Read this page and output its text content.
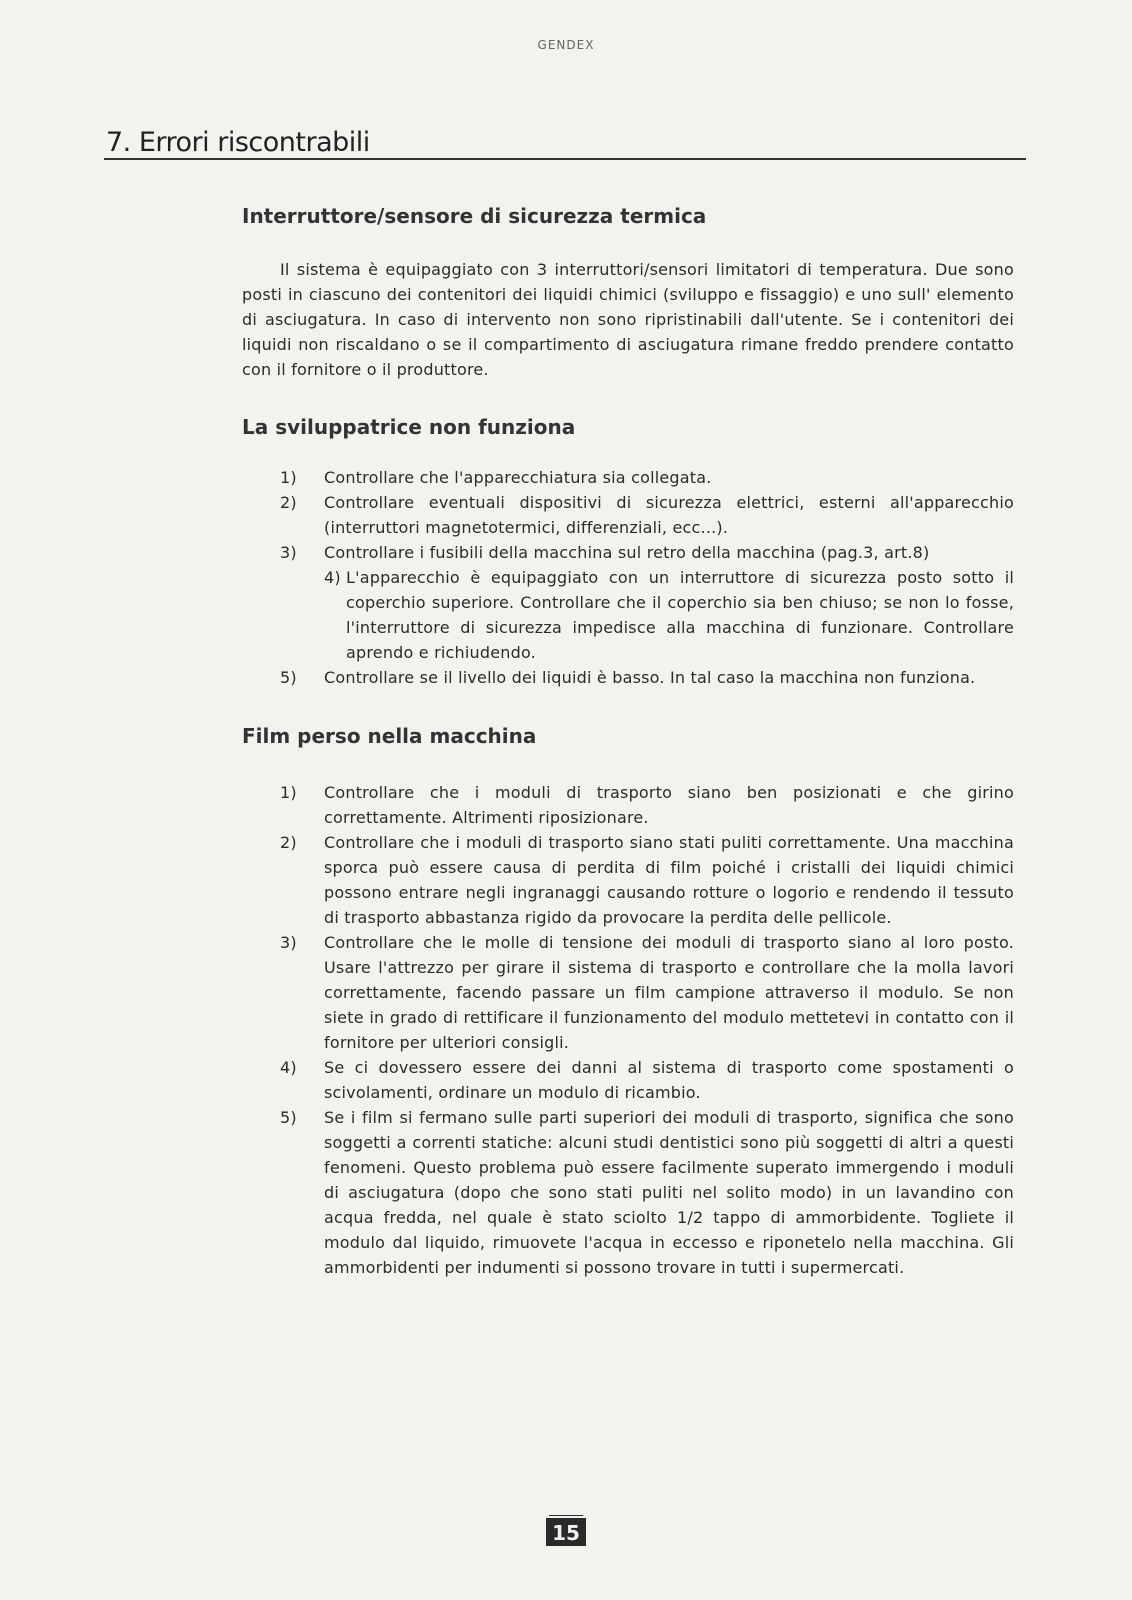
GENDEX
7. Errori riscontrabili
Interruttore/sensore di sicurezza termica

Il sistema è equipaggiato con 3 interruttori/sensori limitatori di temperatura. Due sono posti in ciascuno dei contenitori dei liquidi chimici (sviluppo e fissaggio) e uno sull' elemento di asciugatura. In caso di intervento non sono ripristinabili dall'utente. Se i contenitori dei liquidi non riscaldano o se il compartimento di asciugatura rimane freddo prendere contatto con il fornitore o il produttore.

La sviluppatrice non funziona
1)	Controllare che l'apparecchiatura sia collegata.
2)	Controllare eventuali dispositivi di sicurezza elettrici, esterni all'apparecchio (interruttori magnetotermici, differenziali, ecc...).
3)	Controllare i fusibili della macchina sul retro della macchina (pag.3, art.8)
4) L'apparecchio è equipaggiato con un interruttore di sicurezza posto sotto il coperchio superiore. Controllare che il coperchio sia ben chiuso; se non lo fosse, l'interruttore di sicurezza impedisce alla macchina di funzionare. Controllare aprendo e richiudendo.
5)	Controllare se il livello dei liquidi è basso. In tal caso la macchina non funziona.
Film perso nella macchina
1)	Controllare che i moduli di trasporto siano ben posizionati e che girino correttamente. Altrimenti riposizionare.
2)	Controllare che i moduli di trasporto siano stati puliti correttamente. Una macchina sporca può essere causa di perdita di film poiché i cristalli dei liquidi chimici possono entrare negli ingranaggi causando rotture o logorio e rendendo il tessuto di trasporto abbastanza rigido da provocare la perdita delle pellicole.
3)	Controllare che le molle di tensione dei moduli di trasporto siano al loro posto. Usare l'attrezzo per girare il sistema di trasporto e controllare che la molla lavori correttamente, facendo passare un film campione attraverso il modulo. Se non siete in grado di rettificare il funzionamento del modulo mettetevi in contatto con il fornitore per ulteriori consigli.
4)	Se ci dovessero essere dei danni al sistema di trasporto come spostamenti o scivolamenti, ordinare un modulo di ricambio.
5)	Se i film si fermano sulle parti superiori dei moduli di trasporto, significa che sono soggetti a correnti statiche: alcuni studi dentistici sono più soggetti di altri a questi fenomeni. Questo problema può essere facilmente superato immergendo i moduli di asciugatura (dopo che sono stati puliti nel solito modo) in un lavandino con acqua fredda, nel quale è stato sciolto 1/2 tappo di ammorbidente. Togliete il modulo dal liquido, rimuovete l'acqua in eccesso e riponetelo nella macchina. Gli ammorbidenti per indumenti si possono trovare in tutti i supermercati.
15
